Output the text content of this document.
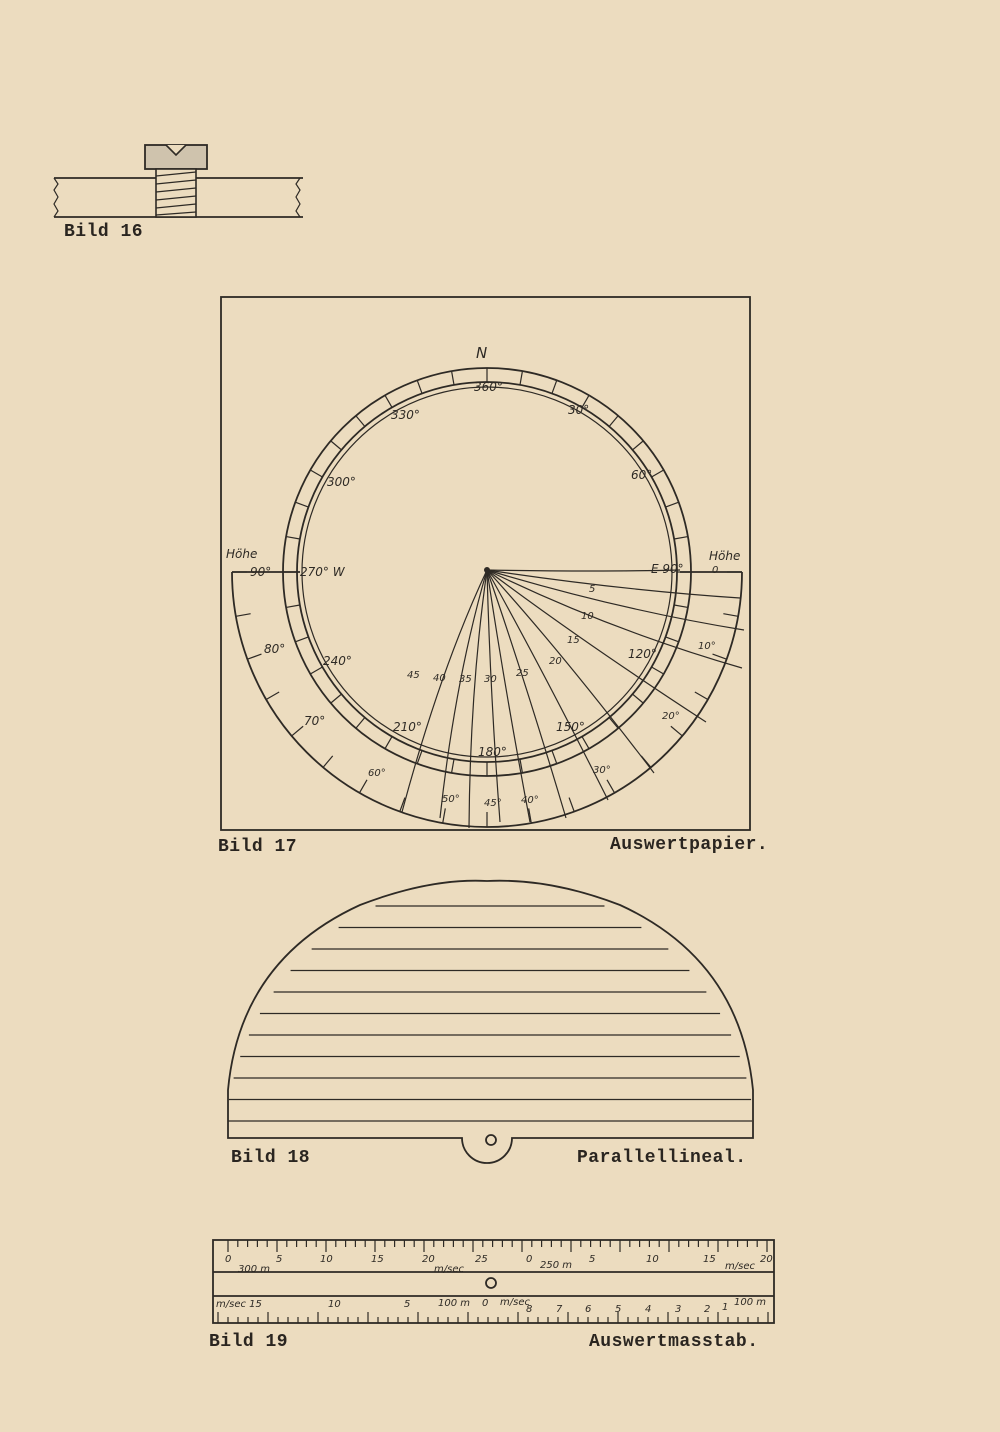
Bild 16
N
360°
30°
60°
120°
150°
180°
210°
240°
300°
330°
270° W	E 90°
Höhe	Höhe
90°
80°
70°
60°
50° 45° 40°
0
10°
20°
30°
5
10
15
20
25
30
35
40
45
Bild 17	Auswertpapier.
Bild 18	Parallellineal.
0	5	10	15	20	25	0	5	10	15	20
300 m	m/sec	250 m	m/sec
m/sec 15	10	5	100 m 0 m/sec
8 7 6 5 4 3 2 1 100 m
Bild 19	Auswertmasstab.
